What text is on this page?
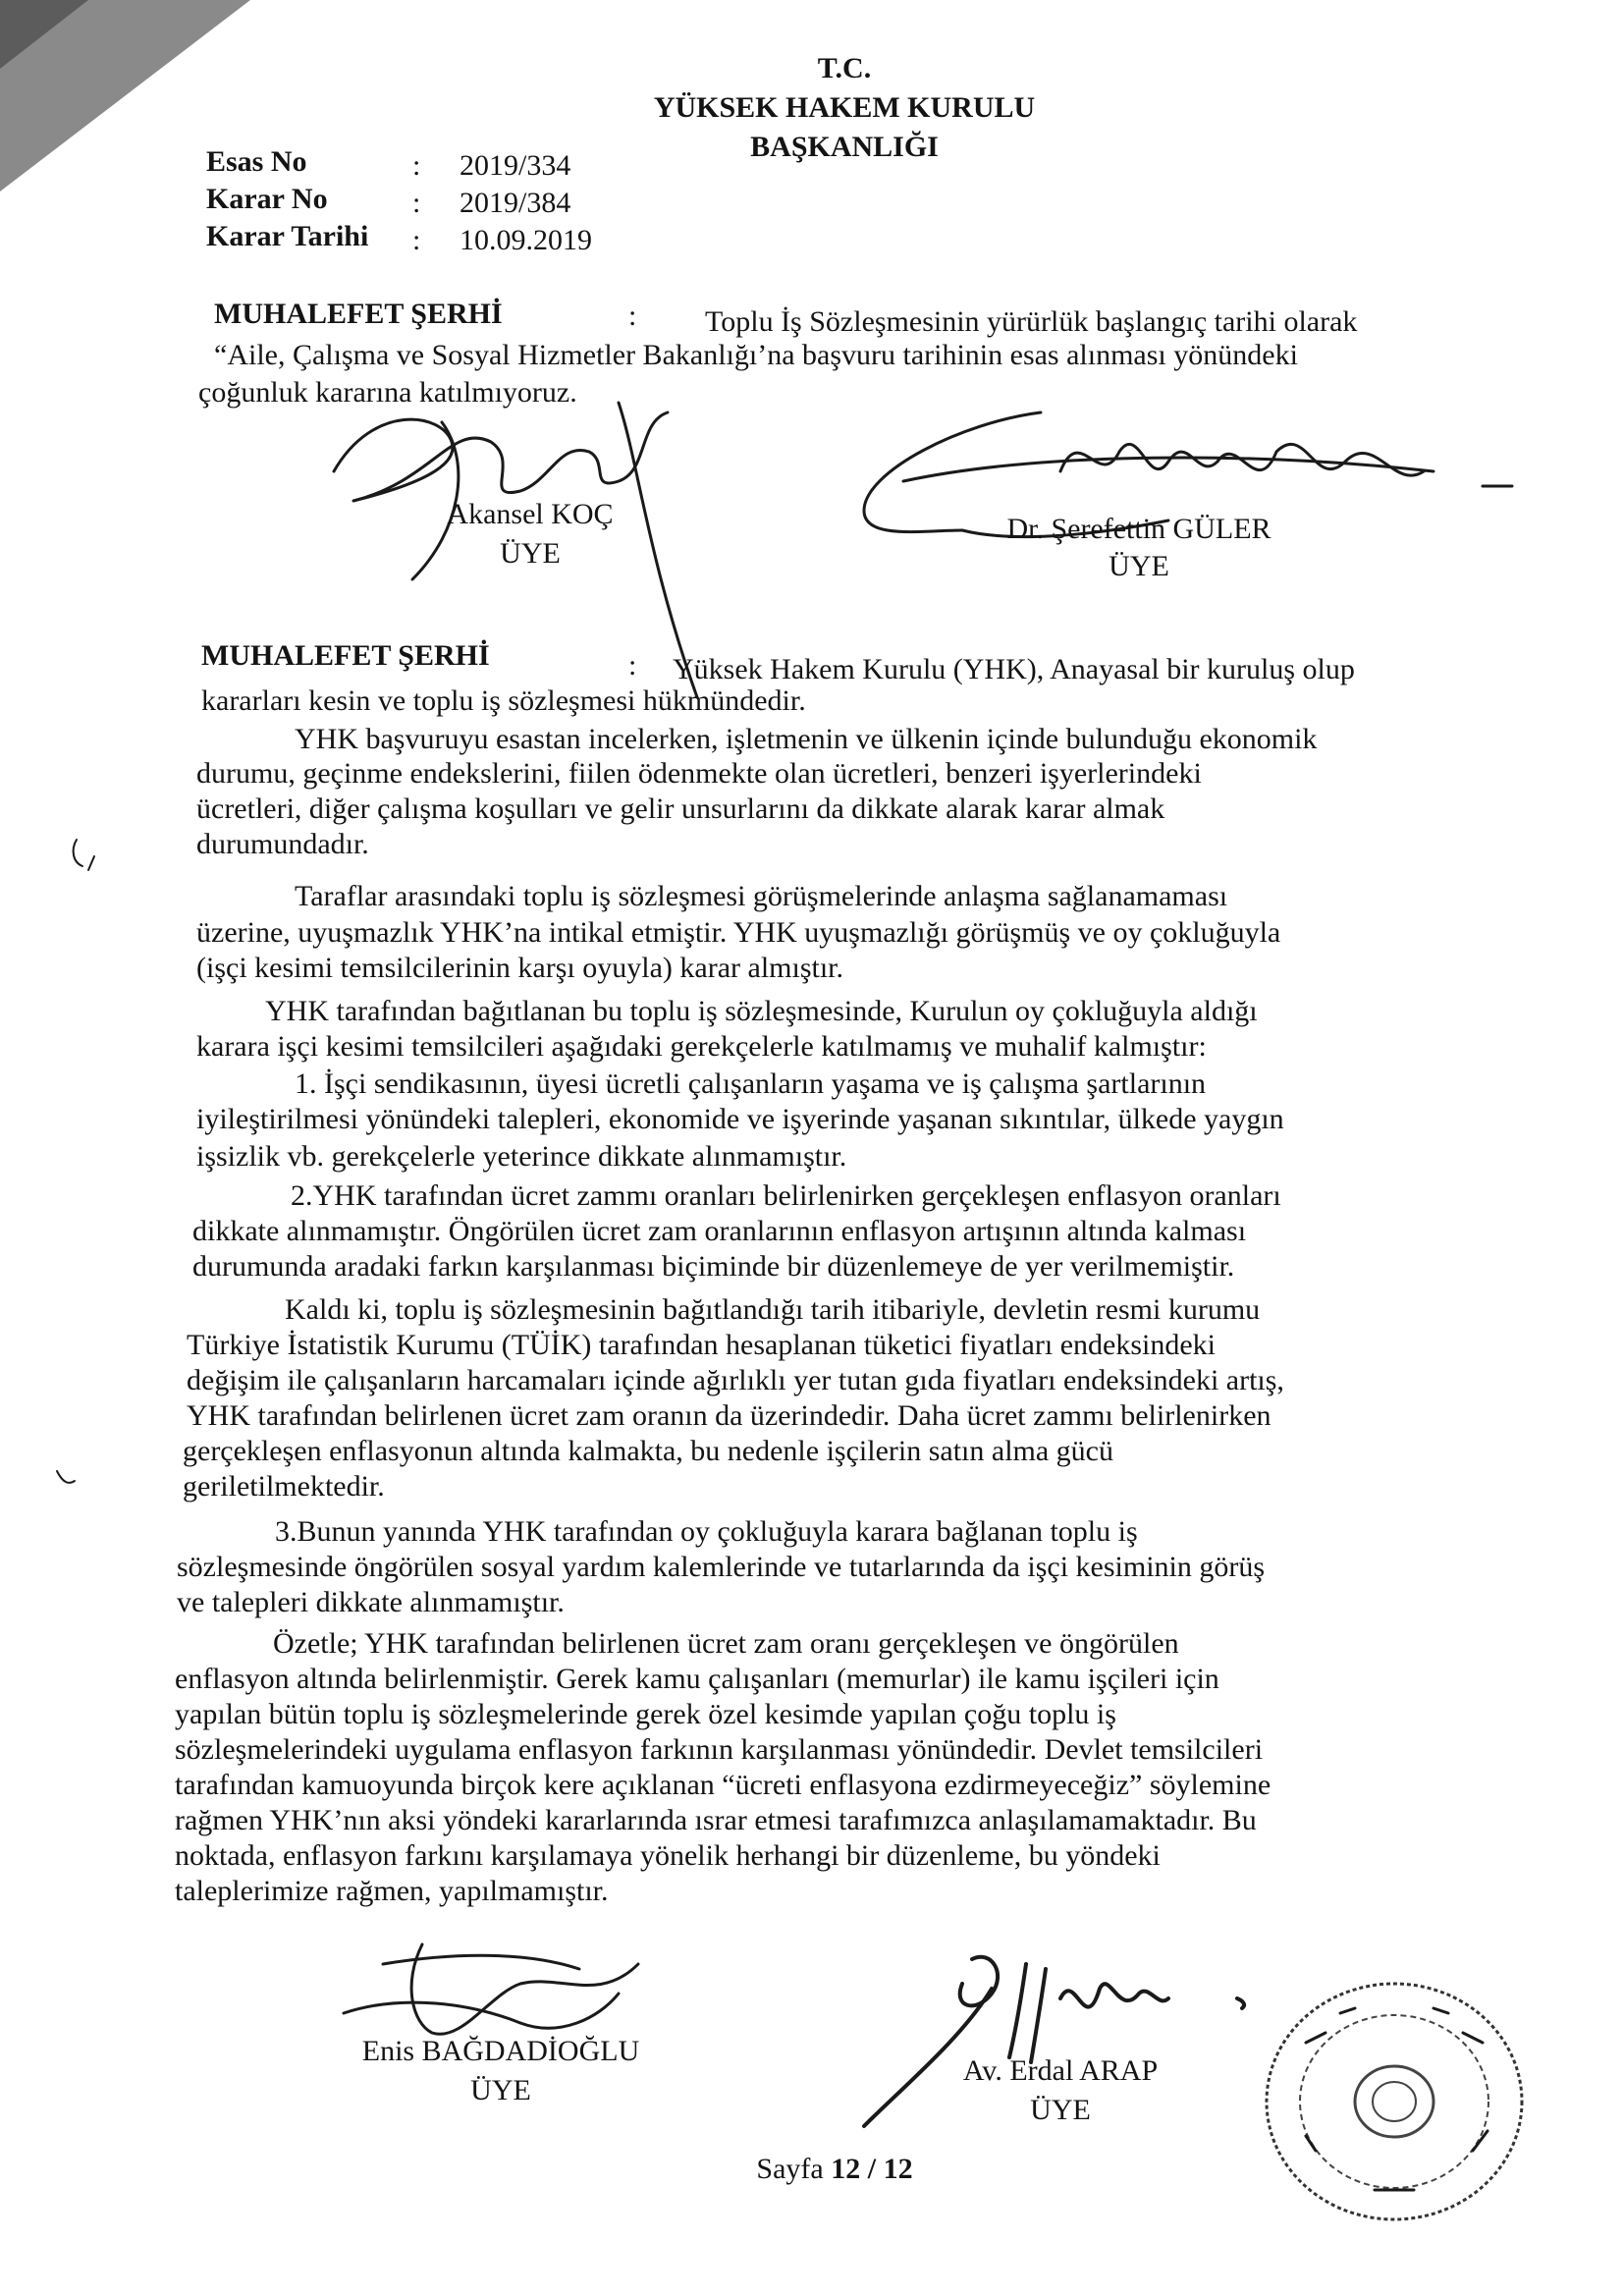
T.C.
YÜKSEK HAKEM KURULU
BAŞKANLIĞI
Esas No	: 2019/334
Karar No	: 2019/384
Karar Tarihi : 10.09.2019
MUHALEFET ŞERHİ	: Toplu İş Sözleşmesinin yürürlük başlangıç tarihi olarak
“Aile, Çalışma ve Sosyal Hizmetler Bakanlığı’na başvuru tarihinin esas alınması yönündeki
çoğunluk kararına katılmıyoruz.
Akansel KOÇ
ÜYE
Dr. Şerefettin GÜLER
ÜYE
MUHALEFET ŞERHİ	: Yüksek Hakem Kurulu (YHK), Anayasal bir kuruluş olup
kararları kesin ve toplu iş sözleşmesi hükmündedir.
YHK başvuruyu esastan incelerken, işletmenin ve ülkenin içinde bulunduğu ekonomik
durumu, geçinme endekslerini, fiilen ödenmekte olan ücretleri, benzeri işyerlerindeki
ücretleri, diğer çalışma koşulları ve gelir unsurlarını da dikkate alarak karar almak
durumundadır.
Taraflar arasındaki toplu iş sözleşmesi görüşmelerinde anlaşma sağlanamaması
üzerine, uyuşmazlık YHK’na intikal etmiştir. YHK uyuşmazlığı görüşmüş ve oy çokluğuyla
(işçi kesimi temsilcilerinin karşı oyuyla) karar almıştır.
YHK tarafından bağıtlanan bu toplu iş sözleşmesinde, Kurulun oy çokluğuyla aldığı
karara işçi kesimi temsilcileri aşağıdaki gerekçelerle katılmamış ve muhalif kalmıştır:
1. İşçi sendikasının, üyesi ücretli çalışanların yaşama ve iş çalışma şartlarının
iyileştirilmesi yönündeki talepleri, ekonomide ve işyerinde yaşanan sıkıntılar, ülkede yaygın
işsizlik vb. gerekçelerle yeterince dikkate alınmamıştır.
2.YHK tarafından ücret zammı oranları belirlenirken gerçekleşen enflasyon oranları
dikkate alınmamıştır. Öngörülen ücret zam oranlarının enflasyon artışının altında kalması
durumunda aradaki farkın karşılanması biçiminde bir düzenlemeye de yer verilmemiştir.
Kaldı ki, toplu iş sözleşmesinin bağıtlandığı tarih itibariyle, devletin resmi kurumu
Türkiye İstatistik Kurumu (TÜİK) tarafından hesaplanan tüketici fiyatları endeksindeki
değişim ile çalışanların harcamaları içinde ağırlıklı yer tutan gıda fiyatları endeksindeki artış,
YHK tarafından belirlenen ücret zam oranın da üzerindedir. Daha ücret zammı belirlenirken
gerçekleşen enflasyonun altında kalmakta, bu nedenle işçilerin satın alma gücü
geriletilmektedir.
3.Bunun yanında YHK tarafından oy çokluğuyla karara bağlanan toplu iş
sözleşmesinde öngörülen sosyal yardım kalemlerinde ve tutarlarında da işçi kesiminin görüş
ve talepleri dikkate alınmamıştır.
Özetle; YHK tarafından belirlenen ücret zam oranı gerçekleşen ve öngörülen
enflasyon altında belirlenmiştir. Gerek kamu çalışanları (memurlar) ile kamu işçileri için
yapılan bütün toplu iş sözleşmelerinde gerek özel kesimde yapılan çoğu toplu iş
sözleşmelerindeki uygulama enflasyon farkının karşılanması yönündedir. Devlet temsilcileri
tarafından kamuoyunda birçok kere açıklanan “ücreti enflasyona ezdirmeyeceğiz” söylemine
rağmen YHK’nın aksi yöndeki kararlarında ısrar etmesi tarafımızca anlaşılamamaktadır. Bu
noktada, enflasyon farkını karşılamaya yönelik herhangi bir düzenleme, bu yöndeki
taleplerimize rağmen, yapılmamıştır.
Enis BAĞDADİOĞLU
ÜYE
Av. Erdal ARAP
ÜYE
Sayfa 12 / 12
